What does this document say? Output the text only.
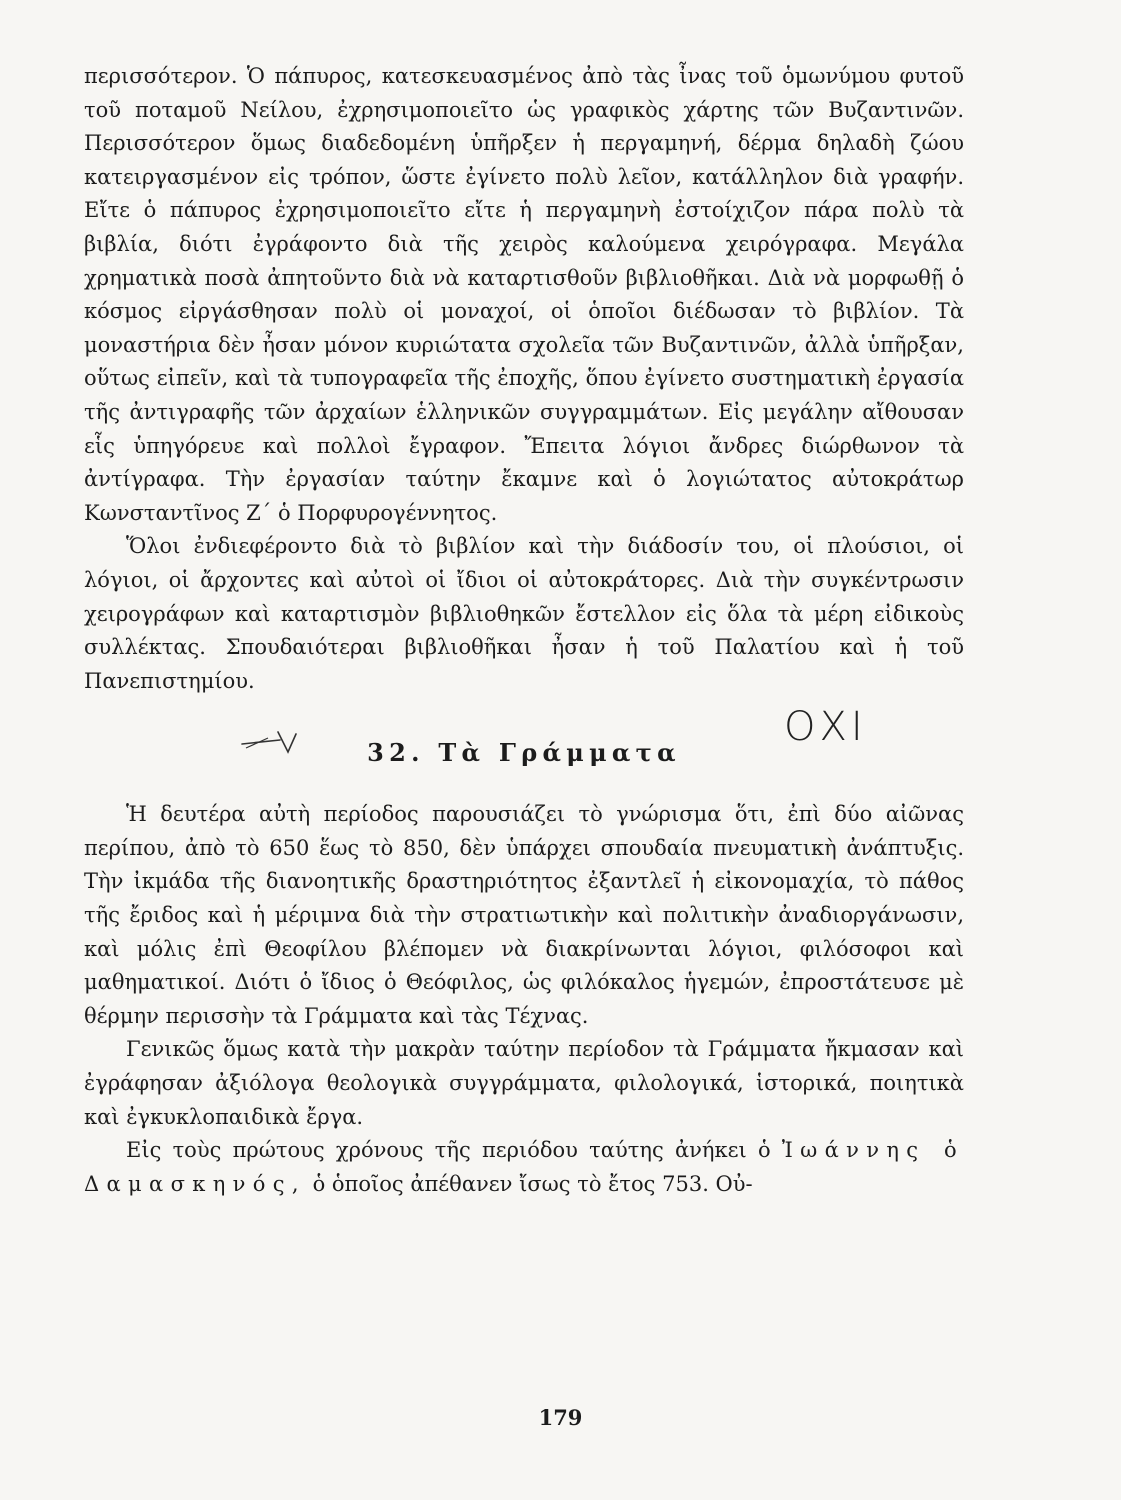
περισσότερον. Ὁ πάπυρος, κατεσκευασμένος ἀπὸ τὰς ἶνας τοῦ ὁμωνύμου φυτοῦ τοῦ ποταμοῦ Νείλου, ἐχρησιμοποιεῖτο ὡς γραφικὸς χάρτης τῶν Βυζαντινῶν. Περισσότερον ὅμως διαδεδομένη ὑπῆρξεν ἡ περγαμηνή, δέρμα δηλαδὴ ζώου κατειργασμένον εἰς τρόπον, ὥστε ἐγίνετο πολὺ λεῖον, κατάλληλον διὰ γραφήν. Εἴτε ὁ πάπυρος ἐχρησιμοποιεῖτο εἴτε ἡ περγαμηνὴ ἐστοίχιζον πάρα πολὺ τὰ βιβλία, διότι ἐγράφοντο διὰ τῆς χειρὸς καλούμενα χειρόγραφα. Μεγάλα χρηματικὰ ποσὰ ἀπητοῦντο διὰ νὰ καταρτισθοῦν βιβλιοθῆκαι. Διὰ νὰ μορφωθῇ ὁ κόσμος εἰργάσθησαν πολὺ οἱ μοναχοί, οἱ ὁποῖοι διέδωσαν τὸ βιβλίον. Τὰ μοναστήρια δὲν ἦσαν μόνον κυριώτατα σχολεῖα τῶν Βυζαντινῶν, ἀλλὰ ὑπῆρξαν, οὕτως εἰπεῖν, καὶ τὰ τυπογραφεῖα τῆς ἐποχῆς, ὅπου ἐγίνετο συστηματικὴ ἐργασία τῆς ἀντιγραφῆς τῶν ἀρχαίων ἑλληνικῶν συγγραμμάτων. Εἰς μεγάλην αἴθουσαν εἷς ὑπηγόρευε καὶ πολλοὶ ἔγραφον. Ἔπειτα λόγιοι ἄνδρες διώρθωνον τὰ ἀντίγραφα. Τὴν ἐργασίαν ταύτην ἔκαμνε καὶ ὁ λογιώτατος αὐτοκράτωρ Κωνσταντῖνος Ζ΄ ὁ Πορφυρογέννητος.

Ὅλοι ἐνδιεφέροντο διὰ τὸ βιβλίον καὶ τὴν διάδοσίν του, οἱ πλούσιοι, οἱ λόγιοι, οἱ ἄρχοντες καὶ αὐτοὶ οἱ ἴδιοι οἱ αὐτοκράτορες. Διὰ τὴν συγκέντρωσιν χειρογράφων καὶ καταρτισμὸν βιβλιοθηκῶν ἔστελλον εἰς ὅλα τὰ μέρη εἰδικοὺς συλλέκτας. Σπουδαιότεραι βιβλιοθῆκαι ἦσαν ἡ τοῦ Παλατίου καὶ ἡ τοῦ Πανεπιστημίου.

32. Τὰ Γράμματα
ΟΧΙ

Ἡ δευτέρα αὐτὴ περίοδος παρουσιάζει τὸ γνώρισμα ὅτι, ἐπὶ δύο αἰῶνας περίπου, ἀπὸ τὸ 650 ἕως τὸ 850, δὲν ὑπάρχει σπουδαία πνευματικὴ ἀνάπτυξις. Τὴν ἰκμάδα τῆς διανοητικῆς δραστηριότητος ἐξαντλεῖ ἡ εἰκονομαχία, τὸ πάθος τῆς ἔριδος καὶ ἡ μέριμνα διὰ τὴν στρατιωτικὴν καὶ πολιτικὴν ἀναδιοργάνωσιν, καὶ μόλις ἐπὶ Θεοφίλου βλέπομεν νὰ διακρίνωνται λόγιοι, φιλόσοφοι καὶ μαθηματικοί. Διότι ὁ ἴδιος ὁ Θεόφιλος, ὡς φιλόκαλος ἡγεμών, ἐπροστάτευσε μὲ θέρμην περισσὴν τὰ Γράμματα καὶ τὰς Τέχνας.

Γενικῶς ὅμως κατὰ τὴν μακρὰν ταύτην περίοδον τὰ Γράμματα ἤκμασαν καὶ ἐγράφησαν ἀξιόλογα θεολογικὰ συγγράμματα, φιλολογικά, ἱστορικά, ποιητικὰ καὶ ἐγκυκλοπαιδικὰ ἔργα.

Εἰς τοὺς πρώτους χρόνους τῆς περιόδου ταύτης ἀνήκει ὁ Ἰωάννης ὁ Δαμασκηνός, ὁ ὁποῖος ἀπέθανεν ἴσως τὸ ἔτος 753. Οὐ-

179
